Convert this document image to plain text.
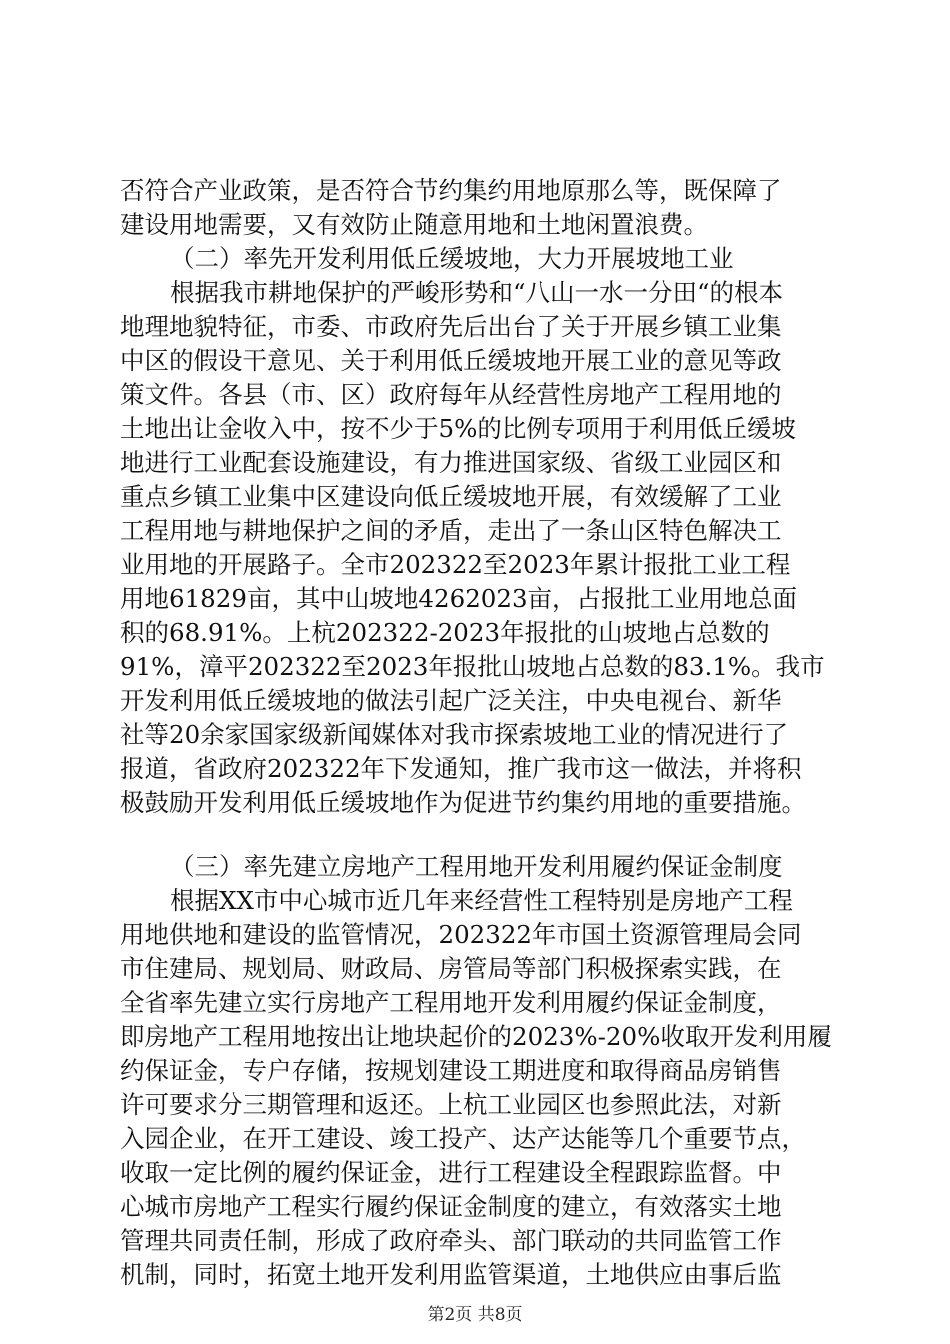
否符合产业政策，是否符合节约集约用地原那么等，既保障了
建设用地需要，又有效防止随意用地和土地闲置浪费。
（二）率先开发利用低丘缓坡地，大力开展坡地工业
根据我市耕地保护的严峻形势和“八山一水一分田“的根本
地理地貌特征，市委、市政府先后出台了关于开展乡镇工业集
中区的假设干意见、关于利用低丘缓坡地开展工业的意见等政
策文件。各县（市、区）政府每年从经营性房地产工程用地的
土地出让金收入中，按不少于5%的比例专项用于利用低丘缓坡
地进行工业配套设施建设，有力推进国家级、省级工业园区和
重点乡镇工业集中区建设向低丘缓坡地开展，有效缓解了工业
工程用地与耕地保护之间的矛盾，走出了一条山区特色解决工
业用地的开展路子。全市202322至2023年累计报批工业工程
用地61829亩，其中山坡地4262023亩，占报批工业用地总面
积的68.91%。上杭202322-2023年报批的山坡地占总数的
91%，漳平202322至2023年报批山坡地占总数的83.1%。我市
开发利用低丘缓坡地的做法引起广泛关注，中央电视台、新华
社等20余家国家级新闻媒体对我市探索坡地工业的情况进行了
报道，省政府202322年下发通知，推广我市这一做法，并将积
极鼓励开发利用低丘缓坡地作为促进节约集约用地的重要措施。
（三）率先建立房地产工程用地开发利用履约保证金制度
根据XX市中心城市近几年来经营性工程特别是房地产工程
用地供地和建设的监管情况，202322年市国土资源管理局会同
市住建局、规划局、财政局、房管局等部门积极探索实践，在
全省率先建立实行房地产工程用地开发利用履约保证金制度，
即房地产工程用地按出让地块起价的2023%-20%收取开发利用履
约保证金，专户存储，按规划建设工期进度和取得商品房销售
许可要求分三期管理和返还。上杭工业园区也参照此法，对新
入园企业，在开工建设、竣工投产、达产达能等几个重要节点，
收取一定比例的履约保证金，进行工程建设全程跟踪监督。中
心城市房地产工程实行履约保证金制度的建立，有效落实土地
管理共同责任制，形成了政府牵头、部门联动的共同监管工作
机制，同时，拓宽土地开发利用监管渠道，土地供应由事后监
第2页 共8页
